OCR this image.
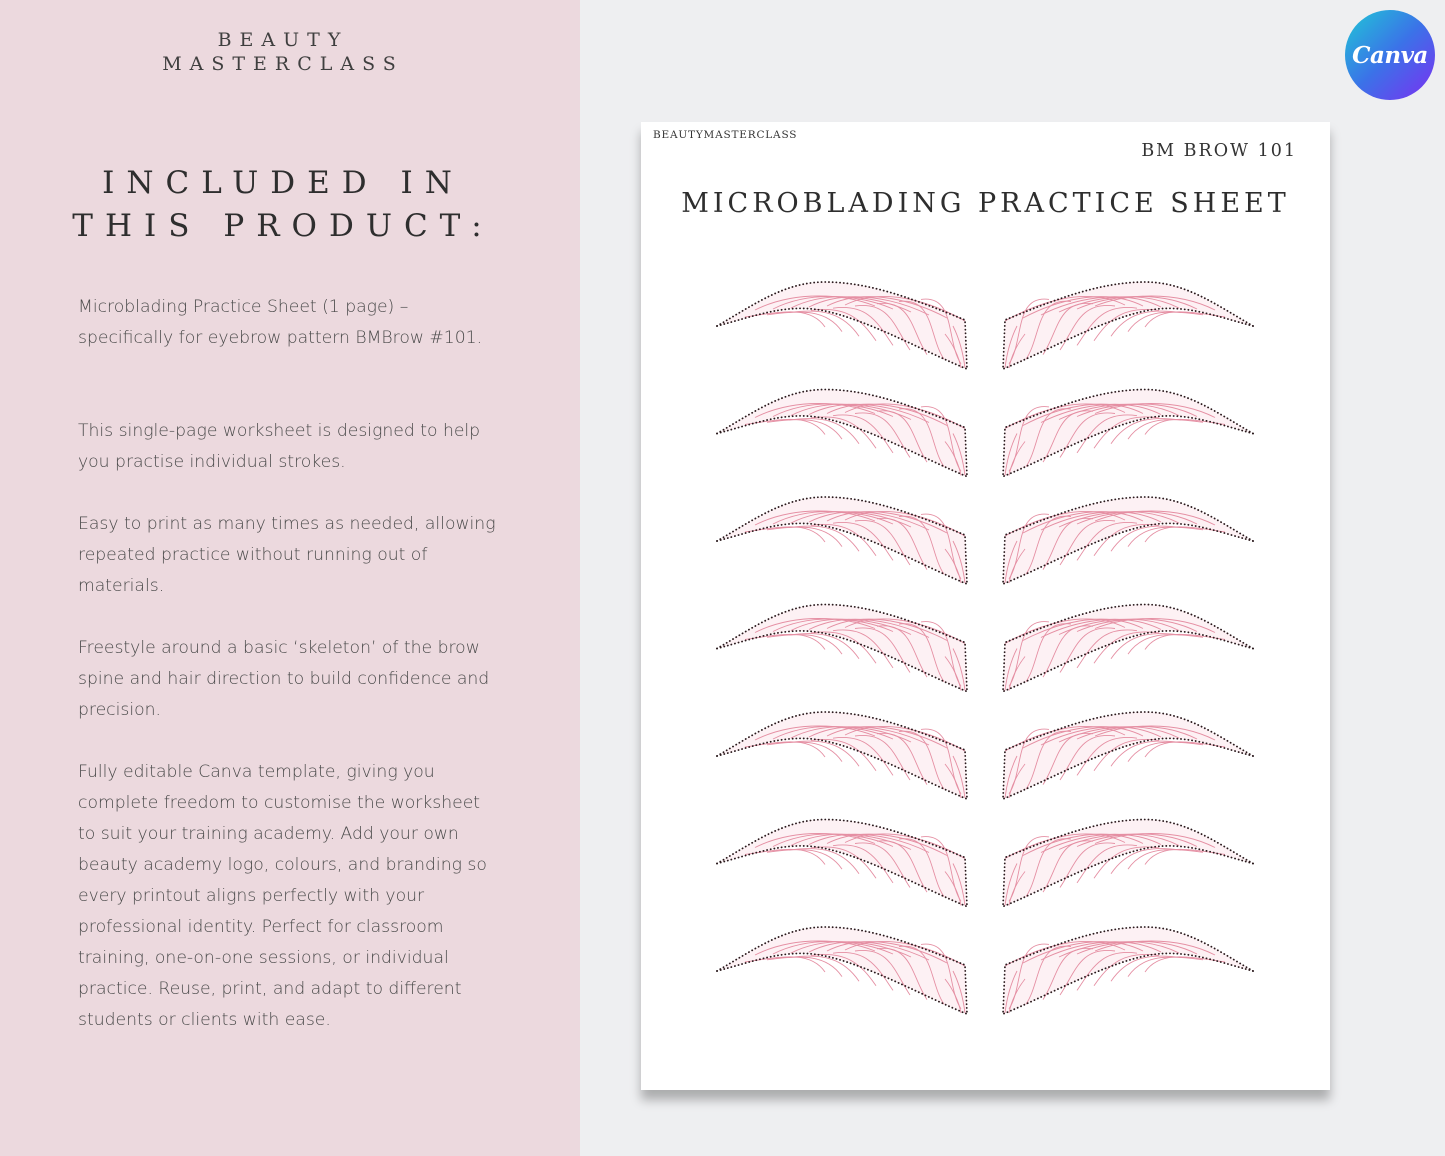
BEAUTY
MASTERCLASS
INCLUDED IN
THIS PRODUCT:
Microblading Practice Sheet (1 page) – specifically for eyebrow pattern BMBrow #101.
This single-page worksheet is designed to help you practise individual strokes.
Easy to print as many times as needed, allowing repeated practice without running out of materials.
Freestyle around a basic ‘skeleton’ of the brow spine and hair direction to build confidence and precision.
Fully editable Canva template, giving you complete freedom to customise the worksheet to suit your training academy. Add your own beauty academy logo, colours, and branding so every printout aligns perfectly with your professional identity. Perfect for classroom training, one-on-one sessions, or individual practice. Reuse, print, and adapt to different students or clients with ease.
Canva
BEAUTYMASTERCLASS
BM BROW 101
MICROBLADING PRACTICE SHEET
